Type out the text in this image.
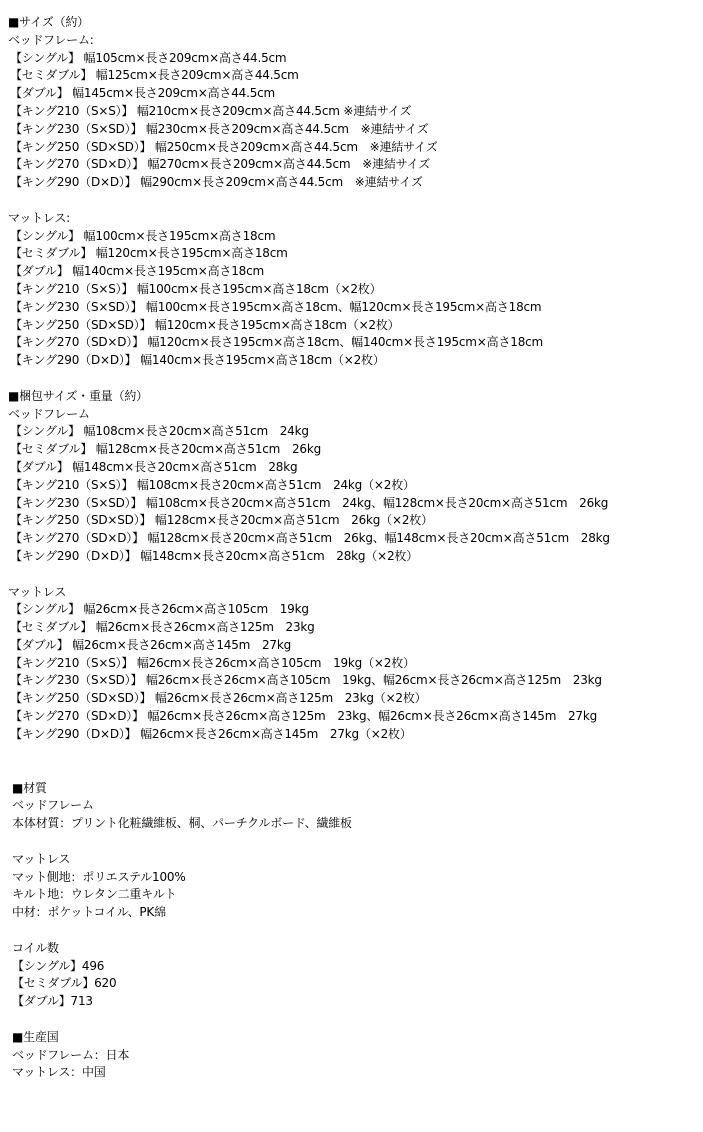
■サイズ（約）
ベッドフレーム:
【シングル】 幅105cm×長さ209cm×高さ44.5cm
【セミダブル】 幅125cm×長さ209cm×高さ44.5cm
【ダブル】 幅145cm×長さ209cm×高さ44.5cm
【キング210（S×S）】 幅210cm×長さ209cm×高さ44.5cm ※連結サイズ
【キング230（S×SD）】 幅230cm×長さ209cm×高さ44.5cm　※連結サイズ
【キング250（SD×SD）】 幅250cm×長さ209cm×高さ44.5cm　※連結サイズ
【キング270（SD×D）】 幅270cm×長さ209cm×高さ44.5cm　※連結サイズ
【キング290（D×D）】 幅290cm×長さ209cm×高さ44.5cm　※連結サイズ
マットレス:
【シングル】 幅100cm×長さ195cm×高さ18cm
【セミダブル】 幅120cm×長さ195cm×高さ18cm
【ダブル】 幅140cm×長さ195cm×高さ18cm
【キング210（S×S）】 幅100cm×長さ195cm×高さ18cm（×2枚）
【キング230（S×SD）】 幅100cm×長さ195cm×高さ18cm、幅120cm×長さ195cm×高さ18cm
【キング250（SD×SD）】 幅120cm×長さ195cm×高さ18cm（×2枚）
【キング270（SD×D）】 幅120cm×長さ195cm×高さ18cm、幅140cm×長さ195cm×高さ18cm
【キング290（D×D）】 幅140cm×長さ195cm×高さ18cm（×2枚）
■梱包サイズ・重量（約）
ベッドフレーム
【シングル】 幅108cm×長さ20cm×高さ51cm　24kg
【セミダブル】 幅128cm×長さ20cm×高さ51cm　26kg
【ダブル】 幅148cm×長さ20cm×高さ51cm　28kg
【キング210（S×S）】 幅108cm×長さ20cm×高さ51cm　24kg（×2枚）
【キング230（S×SD）】 幅108cm×長さ20cm×高さ51cm　24kg、幅128cm×長さ20cm×高さ51cm　26kg
【キング250（SD×SD）】 幅128cm×長さ20cm×高さ51cm　26kg（×2枚）
【キング270（SD×D）】 幅128cm×長さ20cm×高さ51cm　26kg、幅148cm×長さ20cm×高さ51cm　28kg
【キング290（D×D）】 幅148cm×長さ20cm×高さ51cm　28kg（×2枚）
マットレス
【シングル】 幅26cm×長さ26cm×高さ105cm　19kg
【セミダブル】 幅26cm×長さ26cm×高さ125m　23kg
【ダブル】 幅26cm×長さ26cm×高さ145m　27kg
【キング210（S×S）】 幅26cm×長さ26cm×高さ105cm　19kg（×2枚）
【キング230（S×SD）】 幅26cm×長さ26cm×高さ105cm　19kg、幅26cm×長さ26cm×高さ125m　23kg
【キング250（SD×SD）】 幅26cm×長さ26cm×高さ125m　23kg（×2枚）
【キング270（SD×D）】 幅26cm×長さ26cm×高さ125m　23kg、幅26cm×長さ26cm×高さ145m　27kg
【キング290（D×D）】 幅26cm×長さ26cm×高さ145m　27kg（×2枚）
■材質
ベッドフレーム
本体材質：プリント化粧繊維板、桐、パーチクルボード、繊維板
マットレス
マット側地：ポリエステル100%
キルト地：ウレタン二重キルト
中材：ポケットコイル、PK綿
コイル数
【シングル】496
【セミダブル】620
【ダブル】713
■生産国
ベッドフレーム：日本
マットレス：中国
